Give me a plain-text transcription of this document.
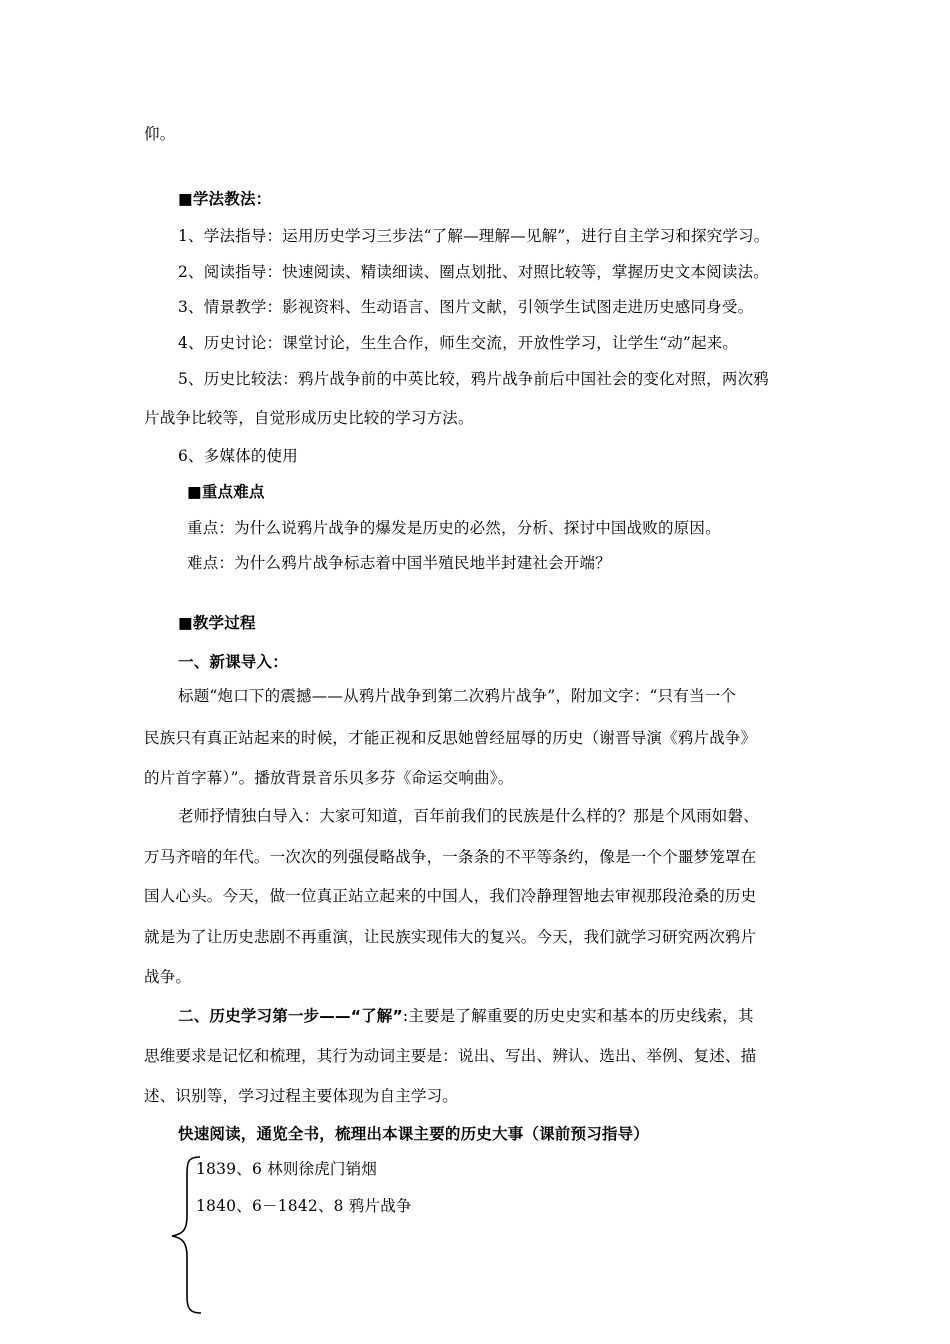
仰。
■学法教法：
1、学法指导：运用历史学习三步法“了解—理解—见解”，进行自主学习和探究学习。
2、阅读指导：快速阅读、精读细读、圈点划批、对照比较等，掌握历史文本阅读法。
3、情景教学：影视资料、生动语言、图片文献，引领学生试图走进历史感同身受。
4、历史讨论：课堂讨论，生生合作，师生交流，开放性学习，让学生“动”起来。
5、历史比较法：鸦片战争前的中英比较，鸦片战争前后中国社会的变化对照，两次鸦
片战争比较等，自觉形成历史比较的学习方法。
6、多媒体的使用
■重点难点
重点：为什么说鸦片战争的爆发是历史的必然，分析、探讨中国战败的原因。
难点：为什么鸦片战争标志着中国半殖民地半封建社会开端？
■教学过程
一、新课导入：
标题“炮口下的震撼——从鸦片战争到第二次鸦片战争”，附加文字：“只有当一个
民族只有真正站起来的时候，才能正视和反思她曾经屈辱的历史（谢晋导演《鸦片战争》
的片首字幕）”。播放背景音乐贝多芬《命运交响曲》。
老师抒情独白导入：大家可知道，百年前我们的民族是什么样的？那是个风雨如磐、
万马齐喑的年代。一次次的列强侵略战争，一条条的不平等条约，像是一个个噩梦笼罩在
国人心头。今天，做一位真正站立起来的中国人，我们冷静理智地去审视那段沧桑的历史
就是为了让历史悲剧不再重演，让民族实现伟大的复兴。今天，我们就学习研究两次鸦片
战争。
二、历史学习第一步——“了解”:主要是了解重要的历史史实和基本的历史线索，其
思维要求是记忆和梳理，其行为动词主要是：说出、写出、辨认、选出、举例、复述、描
述、识别等，学习过程主要体现为自主学习。
快速阅读，通览全书，梳理出本课主要的历史大事（课前预习指导）
1839、6 林则徐虎门销烟
1840、6－1842、8 鸦片战争
